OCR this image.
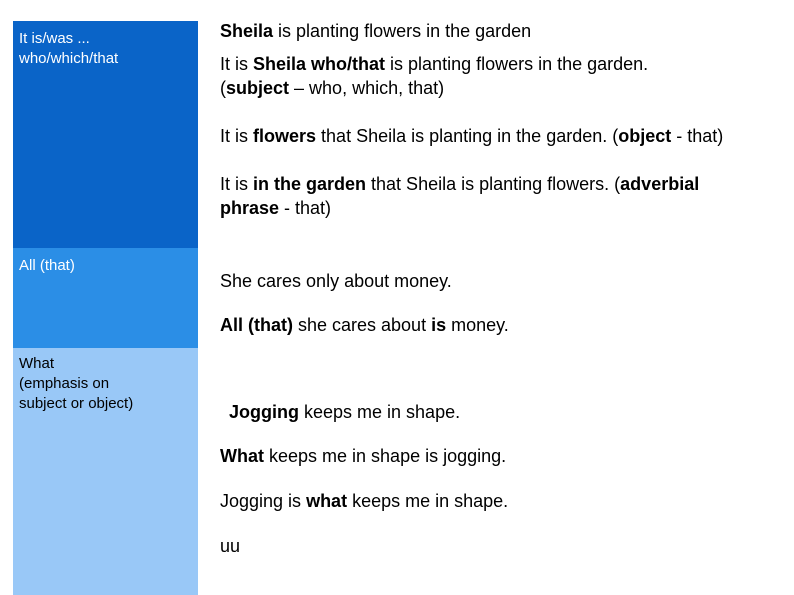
It is/was ...
who/which/that
All (that)
What
(emphasis on
subject or object)
Sheila is planting flowers in the garden
It is Sheila who/that is planting flowers in the garden.
(subject – who, which, that)
It is flowers that Sheila is planting in the garden. (object - that)
It is in the garden that Sheila is planting flowers. (adverbial
phrase - that)
She cares only about money.
All (that) she cares about is money.
Jogging keeps me in shape.
What keeps me in shape is jogging.
Jogging is what keeps me in shape.
uu
